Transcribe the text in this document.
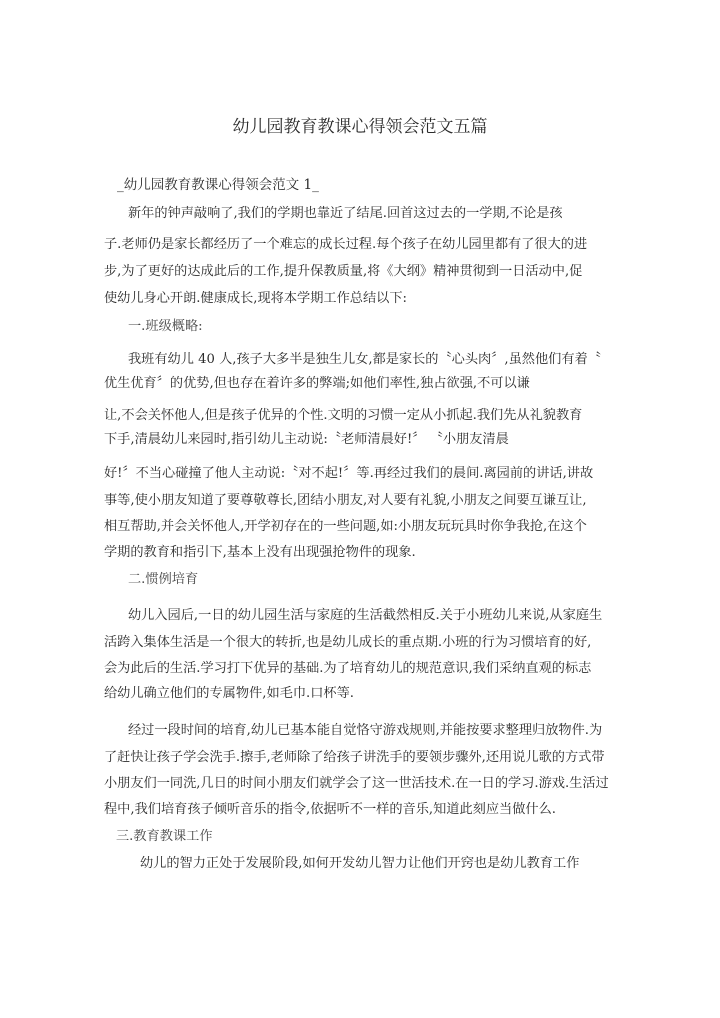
幼儿园教育教课心得领会范文五篇
_幼儿园教育教课心得领会范文 1_
新年的钟声敲响了,我们的学期也靠近了结尾.回首这过去的一学期,不论是孩
子.老师仍是家长都经历了一个难忘的成长过程.每个孩子在幼儿园里都有了很大的进
步,为了更好的达成此后的工作,提升保教质量,将《大纲》精神贯彻到一日活动中,促
使幼儿身心开朗.健康成长,现将本学期工作总结以下:
一.班级概略:
我班有幼儿 40 人,孩子大多半是独生儿女,都是家长的〝心头肉〞,虽然他们有着〝
优生优育〞的优势,但也存在着许多的弊端;如他们率性,独占欲强,不可以谦
让,不会关怀他人,但是孩子优异的个性.文明的习惯一定从小抓起.我们先从礼貌教育
下手,清晨幼儿来园时,指引幼儿主动说:〝老师清晨好!〞 〝小朋友清晨
好!〞不当心碰撞了他人主动说:〝对不起!〞等.再经过我们的晨间.离园前的讲话,讲故
事等,使小朋友知道了要尊敬尊长,团结小朋友,对人要有礼貌,小朋友之间要互谦互让,
相互帮助,并会关怀他人,开学初存在的一些问题,如:小朋友玩玩具时你争我抢,在这个
学期的教育和指引下,基本上没有出现强抢物件的现象.
二.惯例培育
幼儿入园后,一日的幼儿园生活与家庭的生活截然相反.关于小班幼儿来说,从家庭生
活跨入集体生活是一个很大的转折,也是幼儿成长的重点期.小班的行为习惯培育的好,
会为此后的生活.学习打下优异的基础.为了培育幼儿的规范意识,我们采纳直观的标志
给幼儿确立他们的专属物件,如毛巾.口杯等.
经过一段时间的培育,幼儿已基本能自觉恪守游戏规则,并能按要求整理归放物件.为
了赶快让孩子学会洗手.擦手,老师除了给孩子讲洗手的要领步骤外,还用说儿歌的方式带
小朋友们一同洗,几日的时间小朋友们就学会了这一世活技术.在一日的学习.游戏.生活过
程中,我们培育孩子倾听音乐的指令,依据听不一样的音乐,知道此刻应当做什么.
三.教育教课工作
幼儿的智力正处于发展阶段,如何开发幼儿智力让他们开窍也是幼儿教育工作
